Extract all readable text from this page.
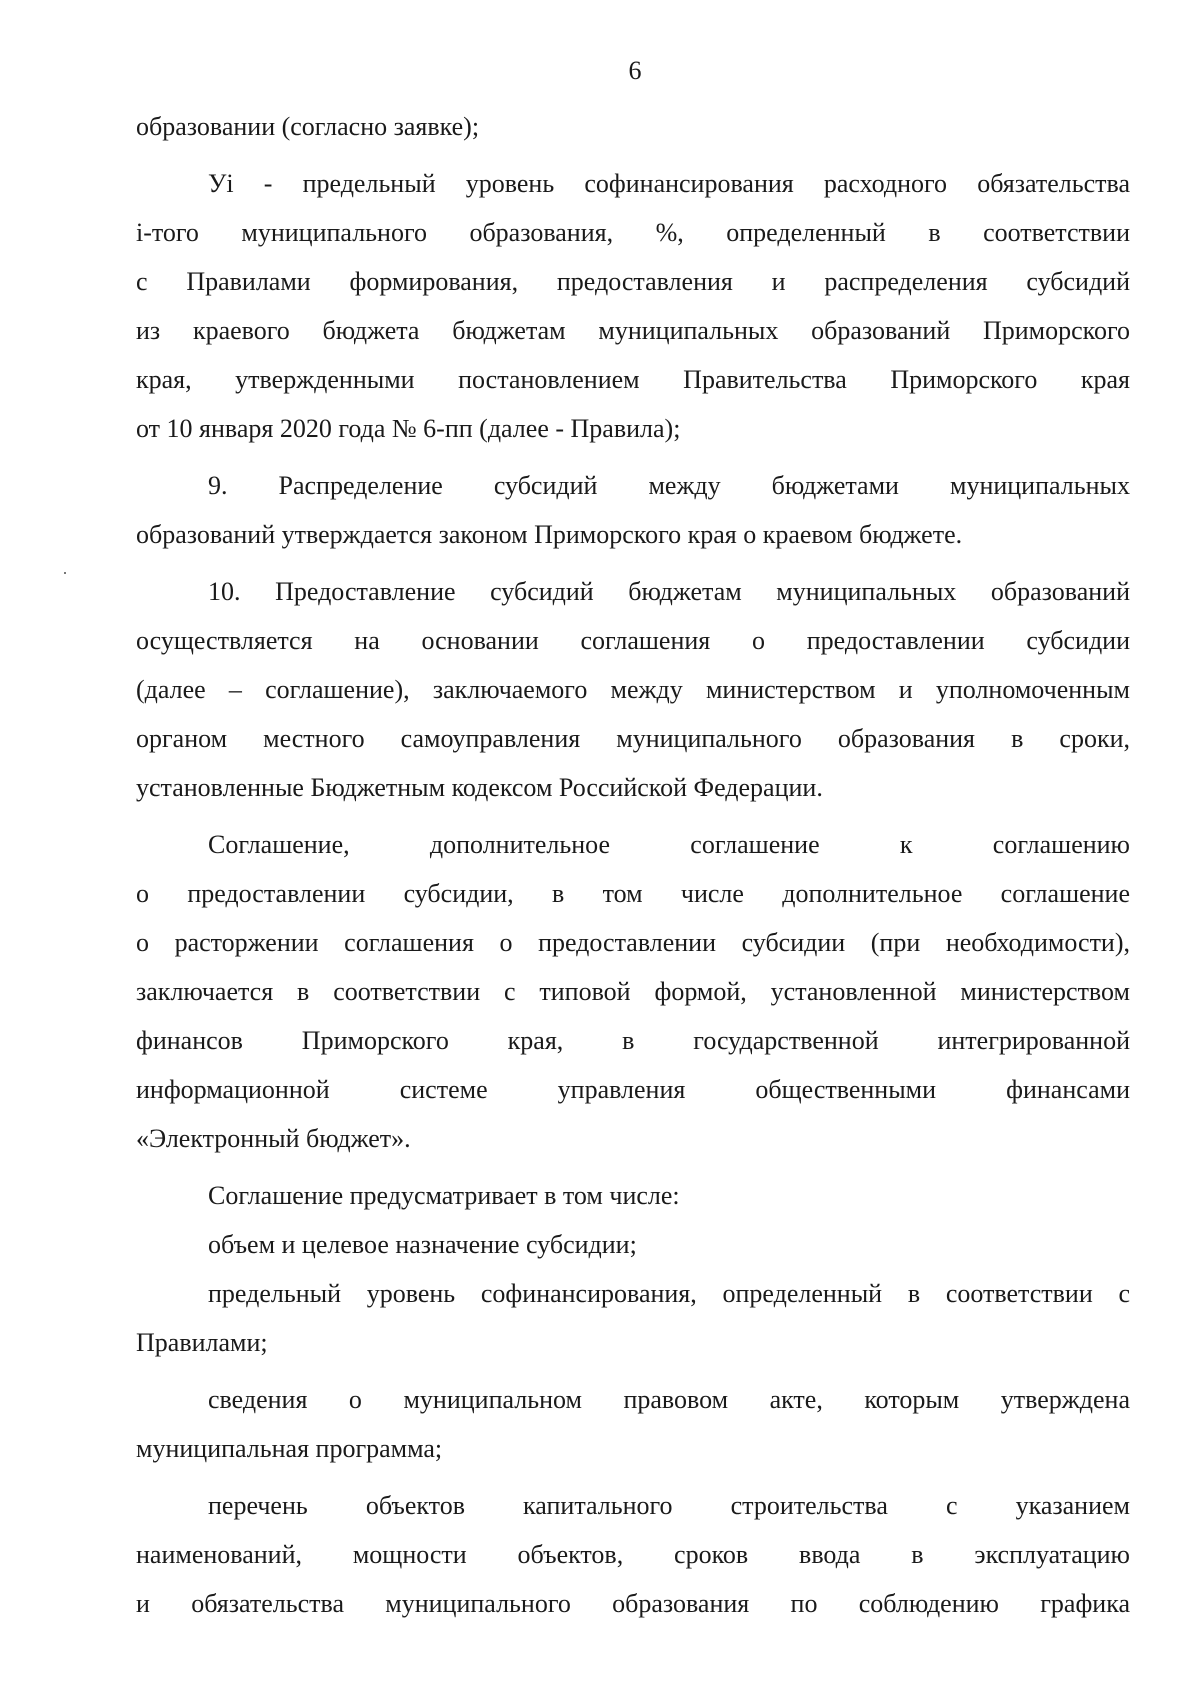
6

образовании (согласно заявке);

Уi - предельный уровень софинансирования расходного обязательства

i-того муниципального образования, %, определенный в соответствии

с Правилами формирования, предоставления и распределения субсидий

из краевого бюджета бюджетам муниципальных образований Приморского

края, утвержденными постановлением Правительства Приморского края

от 10 января 2020 года № 6-пп (далее - Правила);

9. Распределение субсидий между бюджетами муниципальных

образований утверждается законом Приморского края о краевом бюджете.

10. Предоставление субсидий бюджетам муниципальных образований

осуществляется на основании соглашения о предоставлении субсидии

(далее – соглашение), заключаемого между министерством и уполномоченным

органом местного самоуправления муниципального образования в сроки,

установленные Бюджетным кодексом Российской Федерации.

Соглашение, дополнительное соглашение к соглашению

о предоставлении субсидии, в том числе дополнительное соглашение

о расторжении соглашения о предоставлении субсидии (при необходимости),

заключается в соответствии с типовой формой, установленной министерством

финансов Приморского края, в государственной интегрированной

информационной системе управления общественными финансами

«Электронный бюджет».

Соглашение предусматривает в том числе:

объем и целевое назначение субсидии;

предельный уровень софинансирования, определенный в соответствии с

Правилами;

сведения о муниципальном правовом акте, которым утверждена

муниципальная программа;

перечень объектов капитального строительства с указанием

наименований, мощности объектов, сроков ввода в эксплуатацию

и обязательства муниципального образования по соблюдению графика
